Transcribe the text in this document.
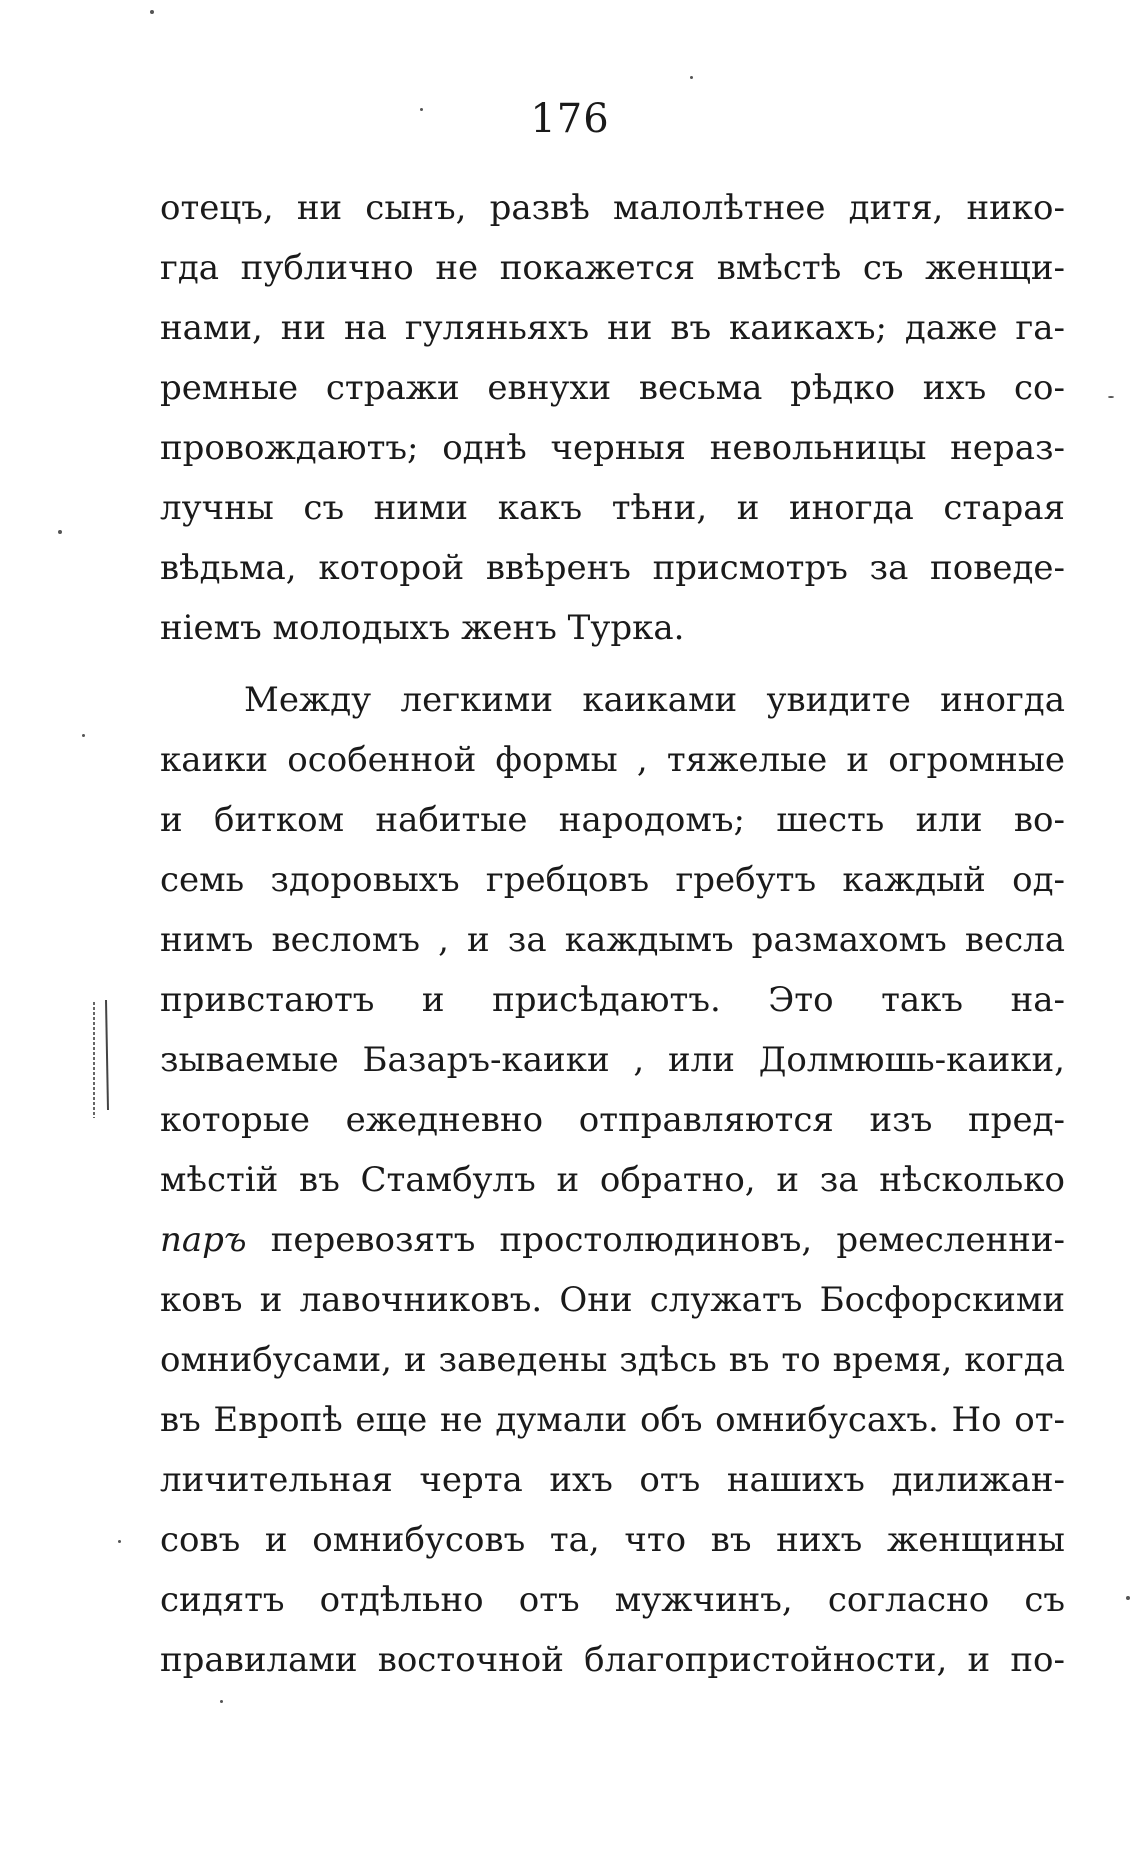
176
отецъ, ни сынъ, развѣ малолѣтнее дитя, нико-
гда публично не покажется вмѣстѣ съ женщи-
нами, ни на гуляньяхъ ни въ каикахъ; даже га-
ремные стражи евнухи весьма рѣдко ихъ со-
провождаютъ; однѣ черныя невольницы нераз-
лучны съ ними какъ тѣни, и иногда старая
вѣдьма, которой ввѣренъ присмотръ за поведе-
ніемъ молодыхъ женъ Турка.
Между легкими каиками увидите иногда
каики особенной формы , тяжелые и огромные
и битком набитые народомъ; шесть или во-
семь здоровыхъ гребцовъ гребутъ каждый од-
нимъ весломъ , и за каждымъ размахомъ весла
привстаютъ и присѣдаютъ. Это такъ на-
зываемые Базаръ-каики , или Долмюшь-каики,
которые ежедневно отправляются изъ пред-
мѣстій въ Стамбулъ и обратно, и за нѣсколько
паръ перевозятъ простолюдиновъ, ремесленни-
ковъ и лавочниковъ. Они служатъ Босфорскими
омнибусами, и заведены здѣсь въ то время, когда
въ Европѣ еще не думали объ омнибусахъ. Но от-
личительная черта ихъ отъ нашихъ дилижан-
совъ и омнибусовъ та, что въ нихъ женщины
сидятъ отдѣльно отъ мужчинъ, согласно съ
правилами восточной благопристойности, и по-
